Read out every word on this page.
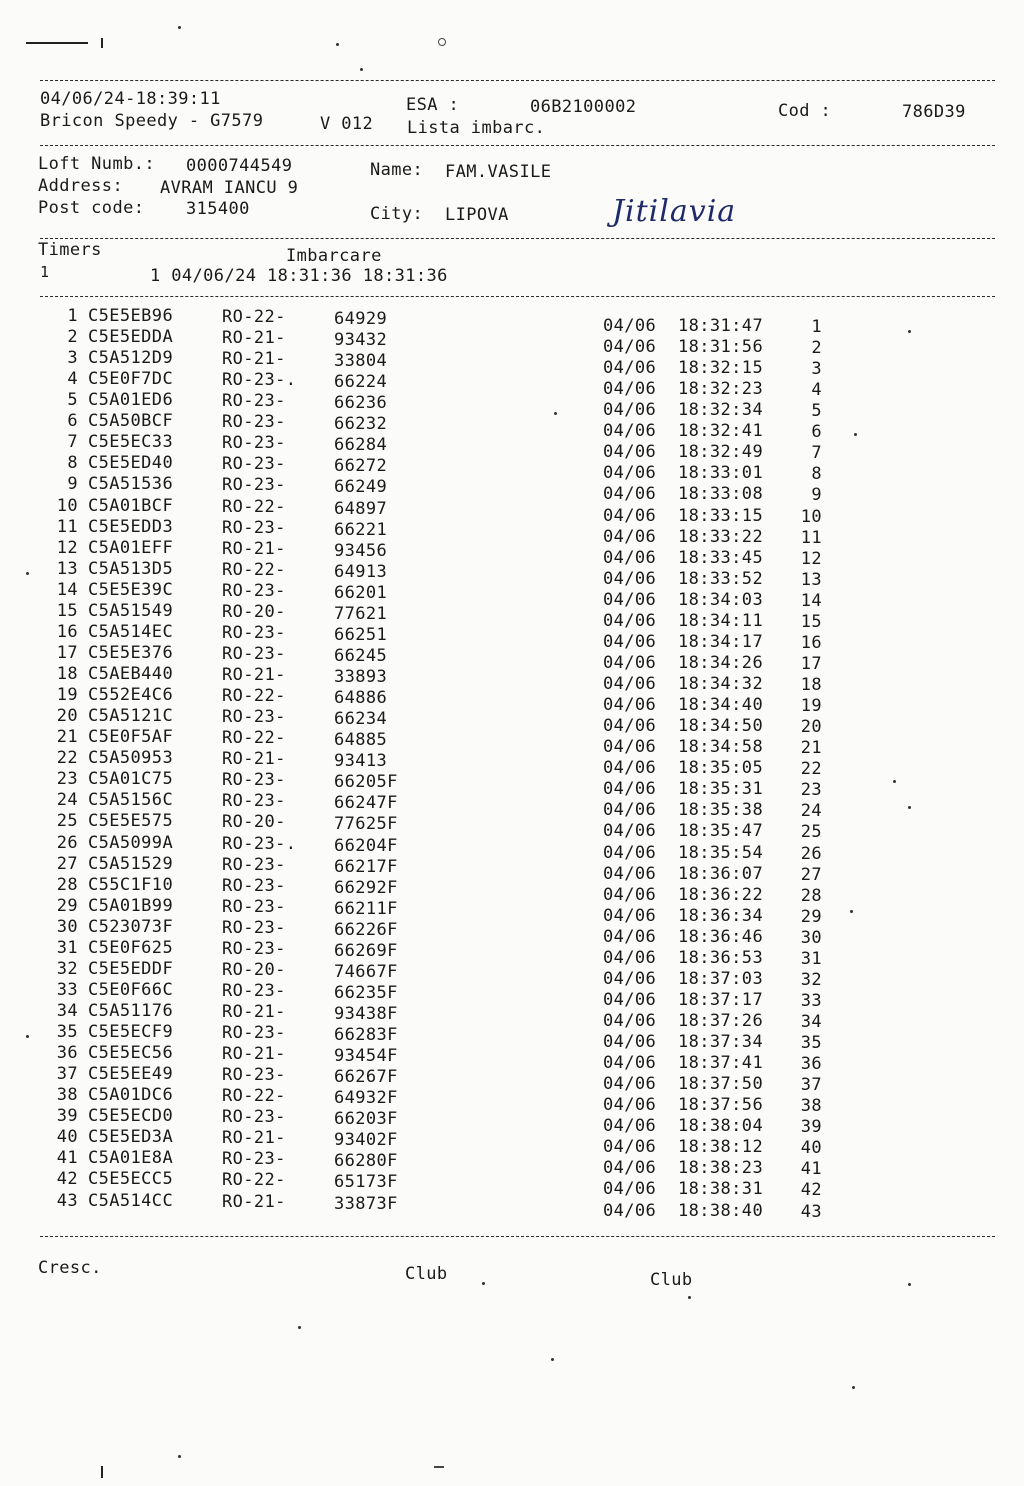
04/06/24-18:39:11	ESA :	06B2100002	Cod :	786D39
Bricon Speedy - G7579	V 012 Lista imbarc.
Loft Numb.: 0000744549	Name: FAM.VASILE
Address: AVRAM IANCU 9
Post code: 315400	City: LIPOVA	Jitilavia
Timers	Imbarcare
1	1 04/06/24 18:31:36 18:31:36
1 C5E5EB96	RO-22-	64929	04/06 18:31:47	1
2 C5E5EDDA	RO-21-	93432	04/06 18:31:56	2
3 C5A512D9	RO-21-	33804	04/06 18:32:15	3
4 C5E0F7DC	RO-23-. 66224	04/06 18:32:23	4
5 C5A01ED6	RO-23-	66236	04/06 18:32:34	5
6 C5A50BCF	RO-23-	66232	04/06 18:32:41	6
7 C5E5EC33	RO-23-	66284	04/06 18:32:49	7
8 C5E5ED40	RO-23-	66272	04/06 18:33:01	8
9 C5A51536	RO-23-	66249	04/06 18:33:08	9
10 C5A01BCF	RO-22-	64897	04/06 18:33:15	10
11 C5E5EDD3	RO-23-	66221	04/06 18:33:22	11
12 C5A01EFF	RO-21-	93456	04/06 18:33:45	12
13 C5A513D5	RO-22-	64913	04/06 18:33:52	13
14 C5E5E39C	RO-23-	66201	04/06 18:34:03	14
15 C5A51549	RO-20-	77621	04/06 18:34:11	15
16 C5A514EC	RO-23-	66251	04/06 18:34:17	16
17 C5E5E376	RO-23-	66245	04/06 18:34:26	17
18 C5AEB440	RO-21-	33893	04/06 18:34:32	18
19 C552E4C6	RO-22-	64886	04/06 18:34:40	19
20 C5A5121C	RO-23-	66234	04/06 18:34:50	20
21 C5E0F5AF	RO-22-	64885	04/06 18:34:58	21
22 C5A50953	RO-21-	93413	04/06 18:35:05	22
23 C5A01C75	RO-23-	66205F	04/06 18:35:31	23
24 C5A5156C	RO-23-	66247F	04/06 18:35:38	24
25 C5E5E575	RO-20-	77625F	04/06 18:35:47	25
26 C5A5099A	RO-23-. 66204F	04/06 18:35:54	26
27 C5A51529	RO-23-	66217F	04/06 18:36:07	27
28 C55C1F10	RO-23-	66292F	04/06 18:36:22	28
29 C5A01B99	RO-23-	66211F	04/06 18:36:34	29
30 C523073F	RO-23-	66226F	04/06 18:36:46	30
31 C5E0F625	RO-23-	66269F	04/06 18:36:53	31
32 C5E5EDDF	RO-20-	74667F	04/06 18:37:03	32
33 C5E0F66C	RO-23-	66235F	04/06 18:37:17	33
34 C5A51176	RO-21-	93438F	04/06 18:37:26	34
35 C5E5ECF9	RO-23-	66283F	04/06 18:37:34	35
36 C5E5EC56	RO-21-	93454F	04/06 18:37:41	36
37 C5E5EE49	RO-23-	66267F	04/06 18:37:50	37
38 C5A01DC6	RO-22-	64932F	04/06 18:37:56	38
39 C5E5ECD0	RO-23-	66203F	04/06 18:38:04	39
40 C5E5ED3A	RO-21-	93402F	04/06 18:38:12	40
41 C5A01E8A	RO-23-	66280F	04/06 18:38:23	41
42 C5E5ECC5	RO-22-	65173F	04/06 18:38:31	42
43 C5A514CC	RO-21-	33873F	04/06 18:38:40	43
Cresc.	Club	Club
